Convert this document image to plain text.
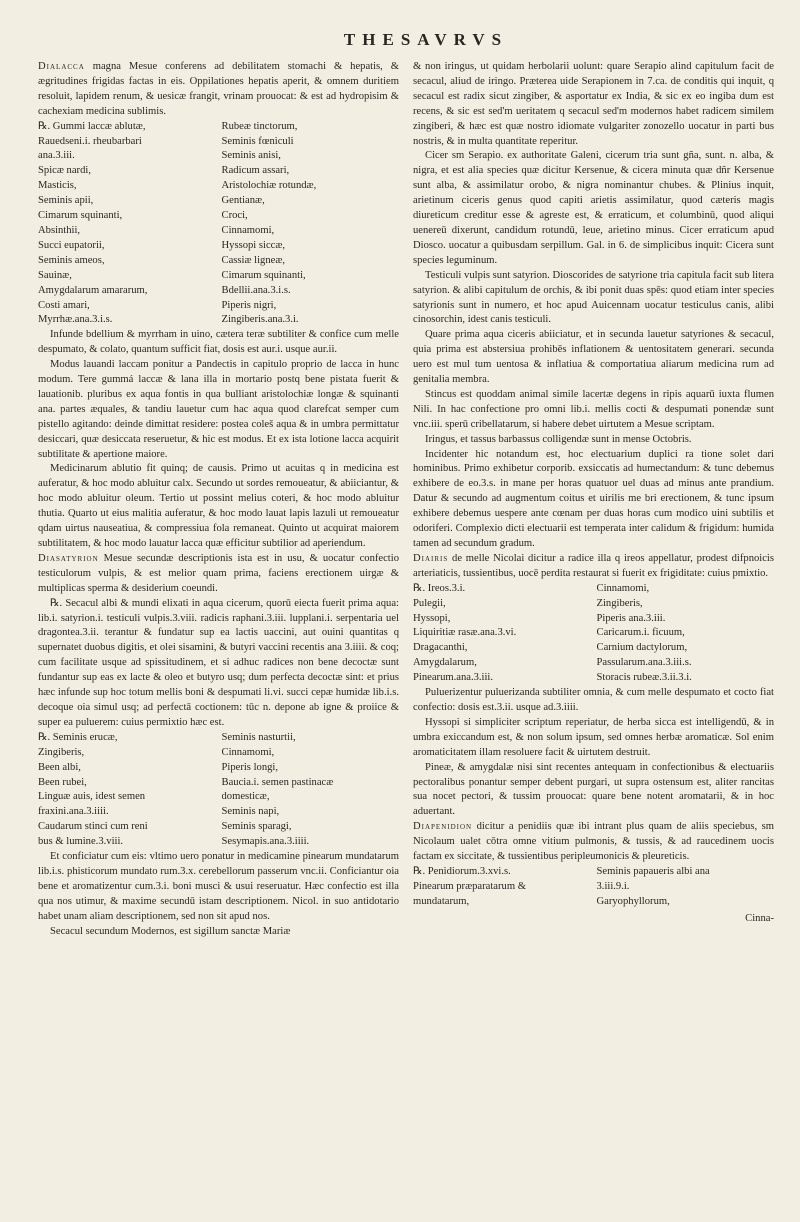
THESAVRVS

Dialacca magna Mesue conferens ad debilitatem stomachi & hepatis, & ægritudines frigidas factas in eis. Oppilationes hepatis aperit, & omnem duritiem resoluit, lapidem renum, & uesicæ frangit, vrinam prouocat: & est ad hydropisim & cachexiam medicina sublimis.

℞. Gummi laccæ ablutæ,	Rubeæ tinctorum,
Rauedseni.i. rheubarbari	Seminis fœniculi
ana.3.iii.	Seminis anisi,
Spicæ nardi,	Radicum assari,
Masticis,	Aristolochiæ rotundæ,
Seminis apii,	Gentianæ,
Cimarum squinanti,	Croci,
Absinthii,	Cinnamomi,
Succi eupatorii,	Hyssopi siccæ,
Seminis ameos,	Cassiæ ligneæ,
Sauinæ,	Cimarum squinanti,
Amygdalarum amararum,	Bdellii.ana.3.i.s.
Costi amari,	Piperis nigri,
Myrrhæ.ana.3.i.s.	Zingiberis.ana.3.i.

Infunde bdellium & myrrham in uino, cætera teræ subtiliter & confice cum melle despumato, & colato, quantum sufficit fiat, dosis est aur.i. usque aur.ii.

Modus lauandi laccam ponitur a Pandectis in capitulo proprio de lacca in hunc modum. Tere gummá laccæ & lana illa in mortario postq bene pistata fuerit & lauationib. pluribus ex aqua fontis in qua bulliant aristolochiæ longæ & squinanti ana. partes æquales, & tandiu lauetur cum hac aqua quod clarefcat semper cum pistello agitando: deinde dimittat residere: postea coleš aqua & in umbra permittatur desiccari, quæ desiccata reseruetur, & hic est modus. Et ex ista lotione lacca acquirit subtilitate & apertione maiore.

Medicinarum ablutio fit quinq; de causis. Primo ut acuitas q in medicina est auferatur, & hoc modo abluitur calx. Secundo ut sordes remoueatur, & abiiciantur, & hoc modo abluitur oleum. Tertio ut possint melius coteri, & hoc modo abluitur thutia. Quarto ut eius malitia auferatur, & hoc modo lauat lapis lazuli ut remoueatur qdam uirtus nauseatiua, & compressiua fola remaneat. Quinto ut acquirat maiorem subtilitatem, & hoc modo lauatur lacca quæ efficitur subtilior ad aperiendum.

Diasatyrion Mesue secundæ descriptionis ista est in usu, & uocatur confectio testiculorum vulpis, & est melior quam prima, faciens erectionem uirgæ & multiplicas sperma & desiderium coeundi.

℞. Secacul albi & mundi elixati in aqua cicerum, quorū eiecta fuerit prima aqua: lib.i. satyrion.i. testiculi vulpis.3.viii. radicis raphani.3.iii. lupplani.i. serpentaria uel dragontea.3.ii. terantur & fundatur sup ea lactis uaccini, aut ouini quantitas q supernatet duobus digitis, et olei sisamini, & butyri vaccini recentis ana 3.iiii. & coq; cum facilitate usque ad spissitudinem, et si adhuc radices non bene decoctæ sunt fundantur sup eas ex lacte & oleo et butyro usq; dum perfecta decoctæ sint: et prius hæc infunde sup hoc totum mellis boni & despumati li.vi. succi cepæ humidæ lib.i.s. decoque oia simul usq; ad perfectā coctionem: tūc n. depone ab igne & proiice & super ea puluerem: cuius permixtio hæc est.

℞. Seminis erucæ,	Seminis nasturtii,
Zingiberis,	Cinnamomi,
Been albi,	Piperis longi,
Been rubei,	Baucia.i. semen pastinacæ
Linguæ auis, idest semen	domesticæ,
fraxini.ana.3.iiii.	Seminis napi,
Caudarum stinci cum reni	Seminis sparagi,
bus & lumine.3.viii.	Sesymapis.ana.3.iiii.

Et conficiatur cum eis: vltimo uero ponatur in medicamine pinearum mundatarum lib.i.s. phisticorum mundato rum.3.x. cerebellorum passerum vnc.ii. Conficiantur oia bene et aromatizentur cum.3.i. boni musci & usui reseruatur. Hæc confectio est illa qua nos utimur, & maxime secundū istam descriptionem. Nicol. in suo antidotario habet unam aliam descriptionem, sed non sit apud nos.

Secacul secundum Modernos, est sigillum sanctæ Mariæ

& non iringus, ut quidam herbolarii uolunt: quare Serapio alind capitulum facit de secacul, aliud de iringo. Præterea uide Serapionem in 7.ca. de conditis qui inquit, q secacul est radix sicut zingiber, & asportatur ex India, & sic ex eo ingiba dum est recens, & sic est sed'm ueritatem q secacul sed'm modernos habet radicem similem zingiberi, & hæc est quæ nostro idiomate vulgariter zonozello uocatur in parti bus nostris, & in multa quantitate reperitur.

Cicer sm Serapio. ex authoritate Galeni, cicerum tria sunt gña, sunt. n. alba, & nigra, et est alia species quæ dicitur Kersenue, & cicera minuta quæ dñr Kersenue sunt alba, & assimilatur orobo, & nigra nominantur chubes. & Plinius inquit, arietinum ciceris genus quod capiti arietis assimilatur, quod cæteris magis diureticum creditur esse & agreste est, & erraticum, et columbinū, quod aliqui uenereū dixerunt, candidum rotundū, leue, arietino minus. Cicer erraticum apud Diosco. uocatur a quibusdam serpillum. Gal. in 6. de simplicibus inquit: Cicera sunt species leguminum.

Testiculi vulpis sunt satyrion. Dioscorides de satyrione tria capitula facit sub litera satyrion. & alibi capitulum de orchis, & ibi ponit duas spēs: quod etiam inter species satyrionis sunt in numero, et hoc apud Auicennam uocatur testiculus canis, alibi cinosorchin, idest canis testiculi.

Quare prima aqua ciceris abiiciatur, et in secunda lauetur satyriones & secacul, quia prima est abstersiua prohibēs inflationem & uentositatem generari. secunda uero est mul tum uentosa & inflatiua & comportatiua aliarum medicina rum ad genitalia membra.

Stincus est quoddam animal simile lacertæ degens in ripis aquarū iuxta flumen Nili. In hac confectione pro omni lib.i. mellis cocti & despumati ponendæ sunt vnc.iii. sperū cribellatarum, si habere debet uirtutem a Mesue scriptam.

Iringus, et tassus barbassus colligendæ sunt in mense Octobris.

Incidenter hic notandum est, hoc electuarium duplici ra tione solet dari hominibus. Primo exhibetur corporib. exsiccatis ad humectandum: & tunc debemus exhibere de eo.3.s. in mane per horas quatuor uel duas ad minus ante prandium. Datur & secundo ad augmentum coitus et uirilis me bri erectionem, & tunc ipsum exhibere debemus uesperе ante cœnam per duas horas cum modico uini subtilis et odoriferi. Complexio dicti electuarii est temperata inter calidum & frigidum: humida tamen ad secundum gradum.

Diairis de melle Nicolai dicitur a radice illa q ireos appellatur, prodest difpnoicis arteriaticis, tussientibus, uocē perdita restaurat si fuerit ex frigiditate: cuius pmixtio.

℞. Ireos.3.i.	Cinnamomi,
Pulegii,	Zingiberis,
Hyssopi,	Piperis ana.3.iii.
Liquiritiæ rasæ.ana.3.vi.	Caricarum.i. ficuum,
Dragacanthi,	Carnium dactylorum,
Amygdalarum,	Passularum.ana.3.iii.s.
Pinearum.ana.3.iii.	Storacis rubeæ.3.ii.3.i.

Puluerizentur puluerizanda subtiliter omnia, & cum melle despumato et cocto fiat confectio: dosis est.3.ii. usque ad.3.iiii.

Hyssopi si simpliciter scriptum reperiatur, de herba sicca est intelligendū, & in umbra exiccandum est, & non solum ipsum, sed omnes herbæ aromaticæ. Sol enim aromaticitatem illam resoluere facit & uirtutem destruit.

Pineæ, & amygdalæ nisi sint recentes antequam in confectionibus & electuariis pectoralibus ponantur semper debent purgari, ut supra ostensum est, aliter rancitas sua nocet pectori, & tussim prouocat: quare bene notent aromatarii, & in hoc aduertant.

Diapenidion dicitur a penidiis quæ ibi intrant plus quam de aliis speciebus, sm Nicolaum ualet cōtra omne vitium pulmonis, & tussis, & ad raucedinem uocis factam ex siccitate, & tussientibus peripleumonicis & pleureticis.

℞. Penidiorum.3.xvi.s.	Seminis papaueris albi ana
Pinearum præparatarum &	3.iii.9.i.
mundatarum,	Garyophyllorum,
Cinna-
